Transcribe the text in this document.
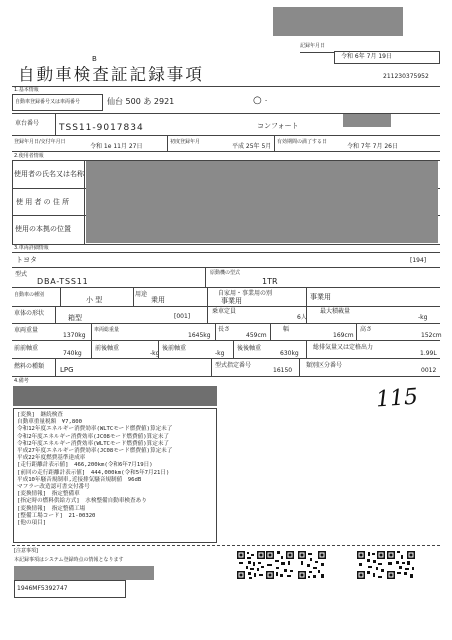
記録年月日
令和 6年 7月 19日
B
自動車検査証記録事項	211230375952
1.基本情報
自動車登録番号又は車両番号	仙台 500 あ 2921	○ -
車台番号 TSS11-9017834	コンフォート
登録年月日/交付年月日
令和 1e 11月 27日
初度登録年月
平成 25年 5月
有効期間の満了する日
令和 7年 7月 26日
2.使用者情報
使用者の氏名又は名称
使 用 者 の 住 所
使用の本拠の位置
3.車両詳細情報
トヨタ	[194]
型式
DBA-TSS11
原動機の型式
1TR
自動車の種別
小 型
用途
乗用
自家用・事業用の別
事業用	事業用
車体の形状
箱型	[001]
乗車定員
6人
最大積載量
-kg
車両重量
1370kg
車両総重量
1645kg
長さ
459cm
幅
169cm
高さ
152cm
前前軸重
740kg
前後軸重
-kg
後前軸重
-kg
後後軸重
630kg
総排気量又は定格出力
1.99L
燃料の種類 LPG
型式指定番号
16150
類別区分番号
0012
4.備考
115
[変換]　継続検査
自動車重量税額　¥7,800
令和12年度エネルギー消費効率(WLTCモード燃費値)算定未了
令和2年度エネルギー消費効率(JC08モード燃費値)算定未了
令和2年度エネルギー消費効率(WLTCモード燃費値)算定未了
平成27年度エネルギー消費効率(JC08モード燃費値)算定未了
平成22年度燃費基準達成率
[走行距離計表示値]　466,200km(令和6年7月19日)
[前回の走行距離計表示値]　444,000km(令和5年7月21日)
平成10年騒音規制車,近接排気騒音規制値　96dB
マフラー改造認可書交付番号
[変換情報]　指定整備車
[指定時の燃料供給方式]　水検整備自動車検査あり
[変換情報]　指定整備工場
[整備工場コード]　21-00320
[他の項目]
[注意事項]
本記録事項はシステム登録時点の情報となります
1946MF5392747
